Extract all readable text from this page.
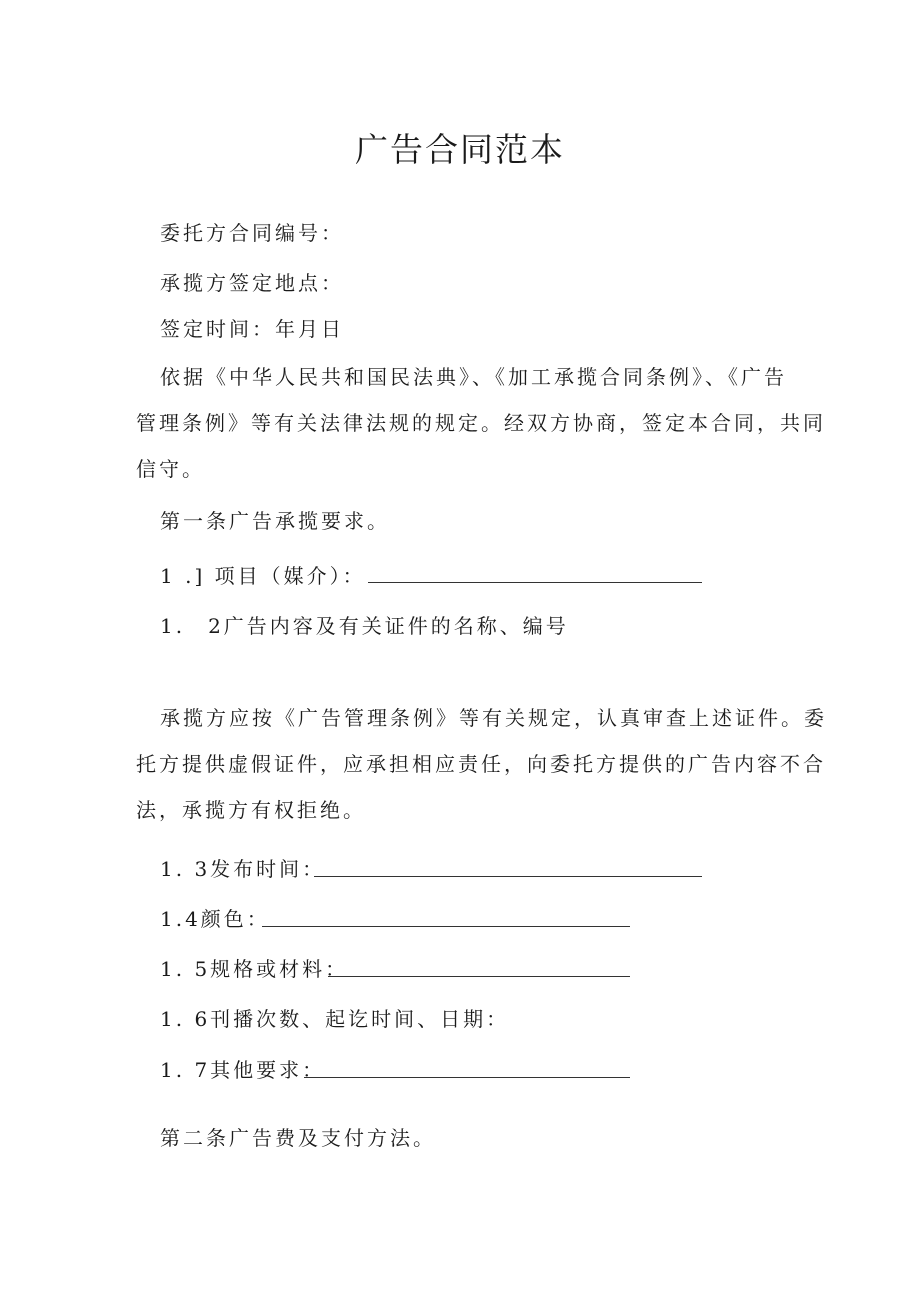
广告合同范本
委托方合同编号：
承揽方签定地点：
签定时间：年月日
依据《中华人民共和国民法典》、《加工承揽合同条例》、《广告
管理条例》等有关法律法规的规定。经双方协商，签定本合同，共同
信守。
第一条广告承揽要求。
1 .] 项目（媒介）：
1.　2广告内容及有关证件的名称、编号
承揽方应按《广告管理条例》等有关规定，认真审查上述证件。委
托方提供虚假证件，应承担相应责任，向委托方提供的广告内容不合
法，承揽方有权拒绝。
1. 3发布时间：
1.4颜色：
1. 5规格或材料：
1. 6刊播次数、起讫时间、日期：
1. 7其他要求：
第二条广告费及支付方法。
